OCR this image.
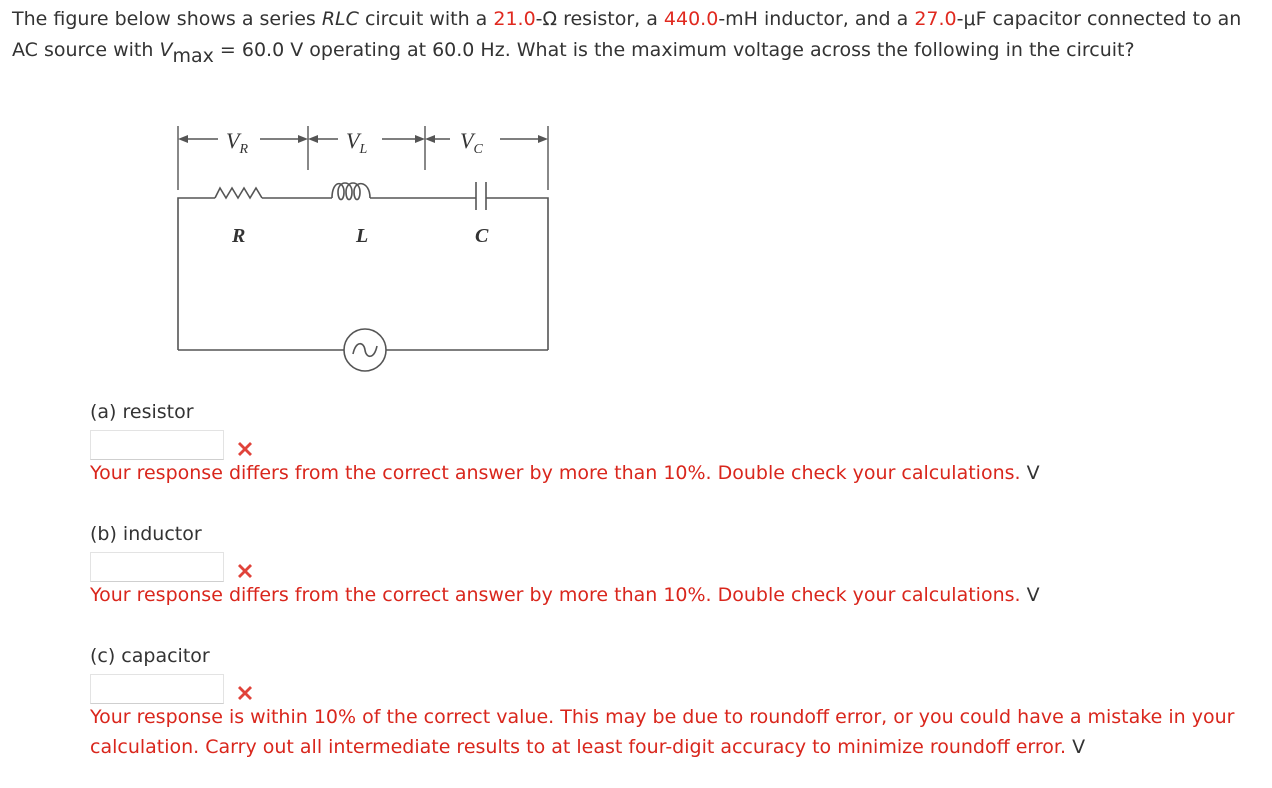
The figure below shows a series RLC circuit with a 21.0-Ω resistor, a 440.0-mH inductor, and a 27.0-μF capacitor connected to an AC source with Vmax = 60.0 V operating at 60.0 Hz. What is the maximum voltage across the following in the circuit?
$V_R$	$V_L$	$V_C$
R	L	C
(a) resistor
Your response differs from the correct answer by more than 10%. Double check your calculations. V
(b) inductor
Your response differs from the correct answer by more than 10%. Double check your calculations. V
(c) capacitor
Your response is within 10% of the correct value. This may be due to roundoff error, or you could have a mistake in your calculation. Carry out all intermediate results to at least four-digit accuracy to minimize roundoff error. V
